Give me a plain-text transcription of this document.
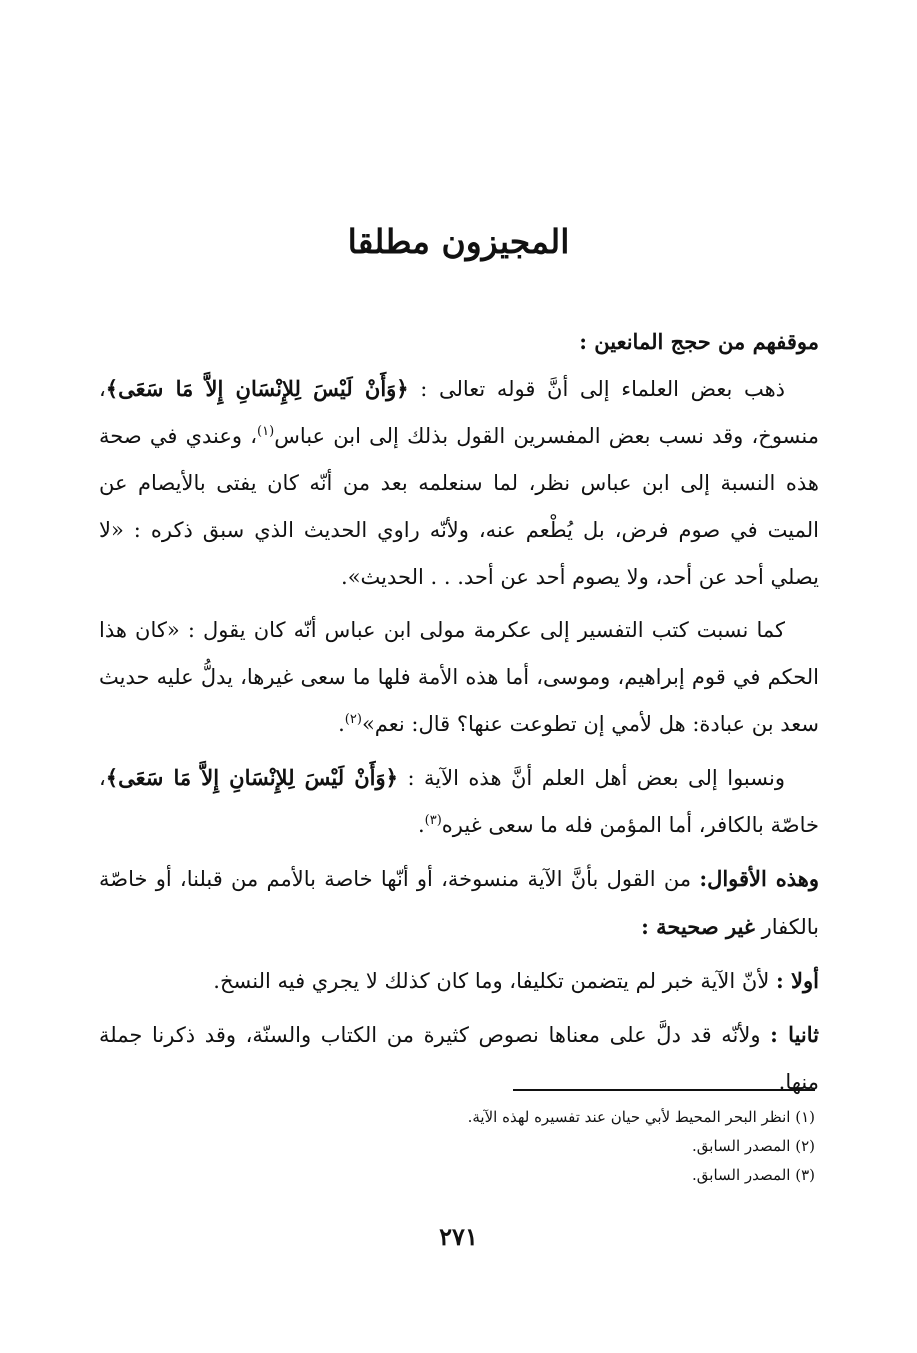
المجيزون مطلقا

موقفهم من حجج المانعين :

ذهب بعض العلماء إلى أنَّ قوله تعالى : ﴿وَأَنْ لَيْسَ لِلإِنْسَانِ إِلاَّ مَا سَعَى﴾، منسوخ، وقد نسب بعض المفسرين القول بذلك إلى ابن عباس$^{(١)}$، وعندي في صحة هذه النسبة إلى ابن عباس نظر، لما سنعلمه بعد من أنّه كان يفتى بالأيصام عن الميت في صوم فرض، بل يُطْعم عنه، ولأنّه راوي الحديث الذي سبق ذكره : «لا يصلي أحد عن أحد، ولا يصوم أحد عن أحد. . . الحديث».

كما نسبت كتب التفسير إلى عكرمة مولى ابن عباس أنّه كان يقول : «كان هذا الحكم في قوم إبراهيم، وموسى، أما هذه الأمة فلها ما سعى غيرها، يدلُّ عليه حديث سعد بن عبادة: هل لأمي إن تطوعت عنها؟ قال: نعم»$^{(٢)}$.

ونسبوا إلى بعض أهل العلم أنَّ هذه الآية : ﴿وَأَنْ لَيْسَ لِلإِنْسَانِ إِلاَّ مَا سَعَى﴾، خاصّة بالكافر، أما المؤمن فله ما سعى غيره$^{(٣)}$.

وهذه الأقوال: من القول بأنَّ الآية منسوخة، أو أنّها خاصة بالأمم من قبلنا، أو خاصّة بالكفار غير صحيحة :

أولا : لأنّ الآية خبر لم يتضمن تكليفا، وما كان كذلك لا يجري فيه النسخ.

ثانيا : ولأنّه قد دلَّ على معناها نصوص كثيرة من الكتاب والسنّة، وقد ذكرنا جملة منها.

(١) انظر البحر المحيط لأبي حيان عند تفسيره لهذه الآية.
(٢) المصدر السابق.
(٣) المصدر السابق.
٢٧١
